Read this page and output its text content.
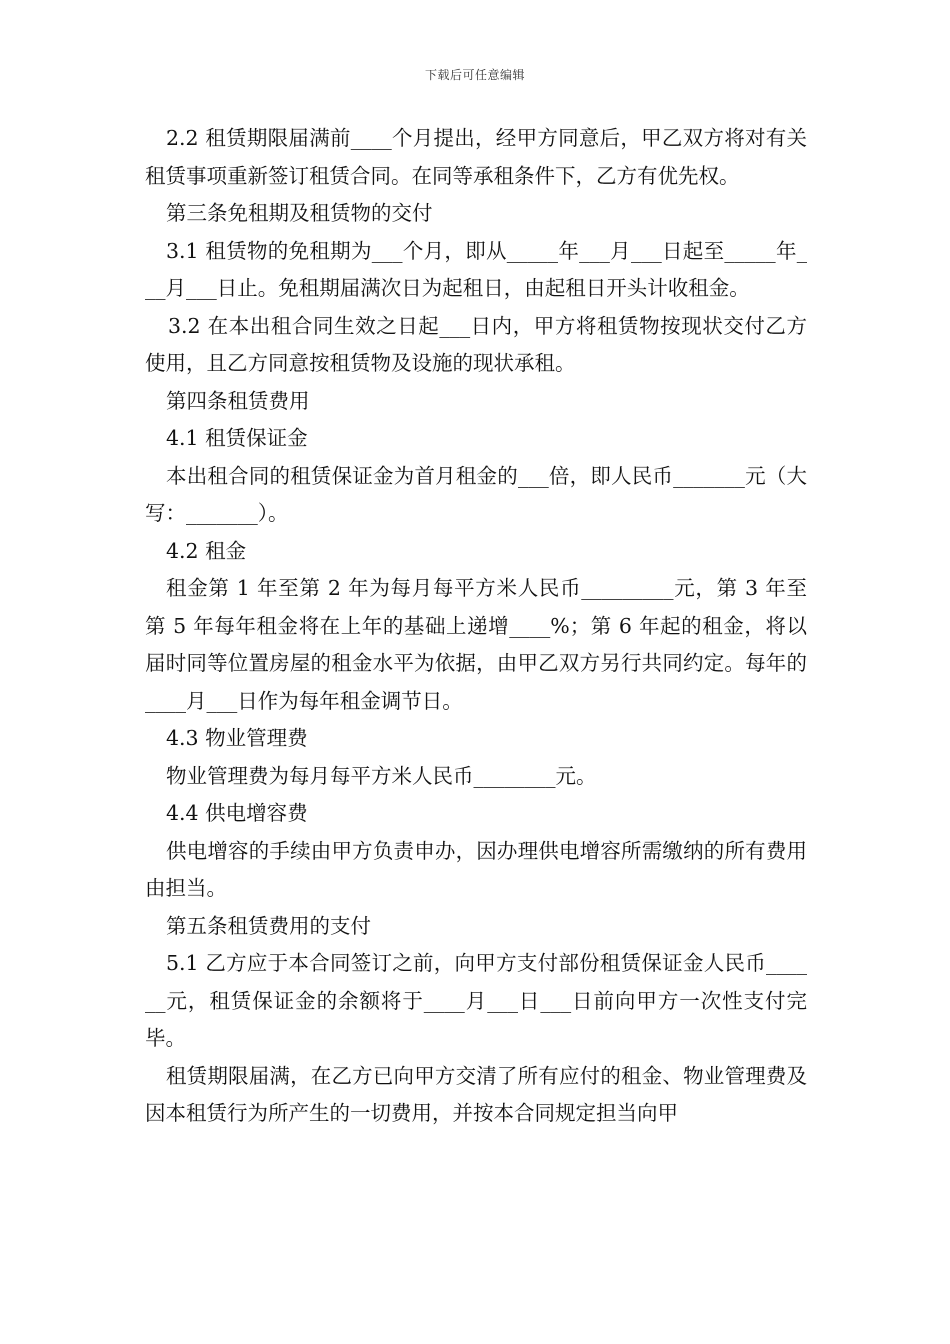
下载后可任意编辑

2.2 租赁期限届满前____个月提出，经甲方同意后，甲乙双方将对有关租赁事项重新签订租赁合同。在同等承租条件下，乙方有优先权。

第三条免租期及租赁物的交付

3.1 租赁物的免租期为___个月，即从_____年___月___日起至_____年___月___日止。免租期届满次日为起租日，由起租日开头计收租金。

3.2 在本出租合同生效之日起___日内，甲方将租赁物按现状交付乙方使用，且乙方同意按租赁物及设施的现状承租。

第四条租赁费用

4.1 租赁保证金

本出租合同的租赁保证金为首月租金的___倍，即人民币_______元（大写：_______）。

4.2 租金

租金第 1 年至第 2 年为每月每平方米人民币_________元，第 3 年至第 5 年每年租金将在上年的基础上递增____%；第 6 年起的租金，将以届时同等位置房屋的租金水平为依据，由甲乙双方另行共同约定。每年的____月___日作为每年租金调节日。

4.3 物业管理费

物业管理费为每月每平方米人民币________元。

4.4 供电增容费

供电增容的手续由甲方负责申办，因办理供电增容所需缴纳的所有费用由担当。

第五条租赁费用的支付

5.1 乙方应于本合同签订之前，向甲方支付部份租赁保证金人民币______元，租赁保证金的余额将于____月___日___日前向甲方一次性支付完毕。

租赁期限届满，在乙方已向甲方交清了所有应付的租金、物业管理费及因本租赁行为所产生的一切费用，并按本合同规定担当向甲
